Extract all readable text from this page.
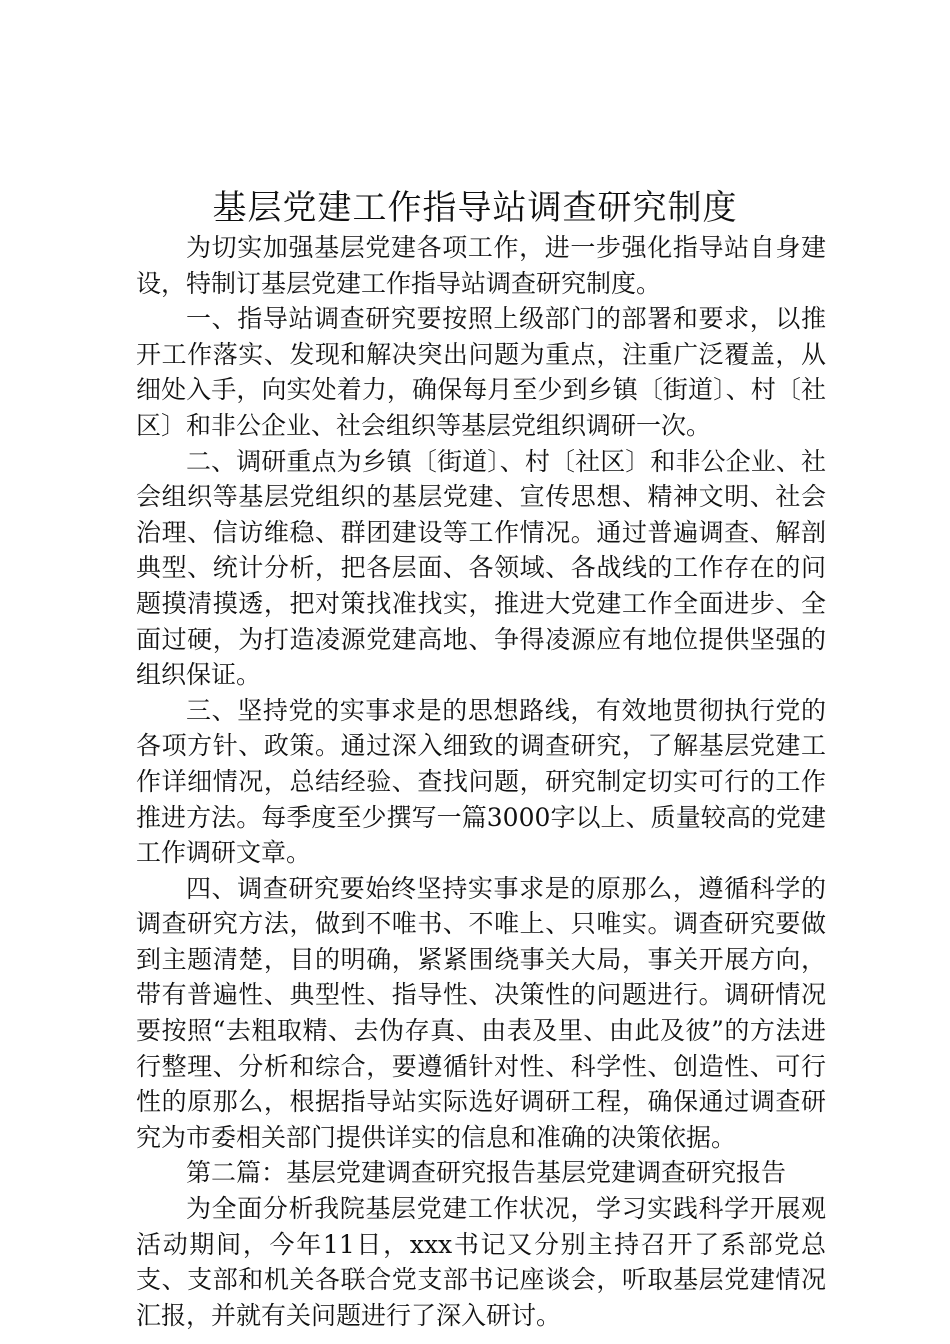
基层党建工作指导站调查研究制度

为切实加强基层党建各项工作，进一步强化指导站自身建设，特制订基层党建工作指导站调查研究制度。

一、指导站调查研究要按照上级部门的部署和要求，以推开工作落实、发现和解决突出问题为重点，注重广泛覆盖，从细处入手，向实处着力，确保每月至少到乡镇〔街道〕、村〔社区〕和非公企业、社会组织等基层党组织调研一次。

二、调研重点为乡镇〔街道〕、村〔社区〕和非公企业、社会组织等基层党组织的基层党建、宣传思想、精神文明、社会治理、信访维稳、群团建设等工作情况。通过普遍调查、解剖典型、统计分析，把各层面、各领域、各战线的工作存在的问题摸清摸透，把对策找准找实，推进大党建工作全面进步、全面过硬，为打造凌源党建高地、争得凌源应有地位提供坚强的组织保证。

三、坚持党的实事求是的思想路线，有效地贯彻执行党的各项方针、政策。通过深入细致的调查研究，了解基层党建工作详细情况，总结经验、查找问题，研究制定切实可行的工作推进方法。每季度至少撰写一篇3000字以上、质量较高的党建工作调研文章。

四、调查研究要始终坚持实事求是的原那么，遵循科学的调查研究方法，做到不唯书、不唯上、只唯实。调查研究要做到主题清楚，目的明确，紧紧围绕事关大局，事关开展方向，带有普遍性、典型性、指导性、决策性的问题进行。调研情况要按照“去粗取精、去伪存真、由表及里、由此及彼”的方法进行整理、分析和综合，要遵循针对性、科学性、创造性、可行性的原那么，根据指导站实际选好调研工程，确保通过调查研究为市委相关部门提供详实的信息和准确的决策依据。

第二篇：基层党建调查研究报告基层党建调查研究报告

为全面分析我院基层党建工作状况，学习实践科学开展观活动期间，今年11日，xxx书记又分别主持召开了系部党总支、支部和机关各联合党支部书记座谈会，听取基层党建情况汇报，并就有关问题进行了深入研讨。
